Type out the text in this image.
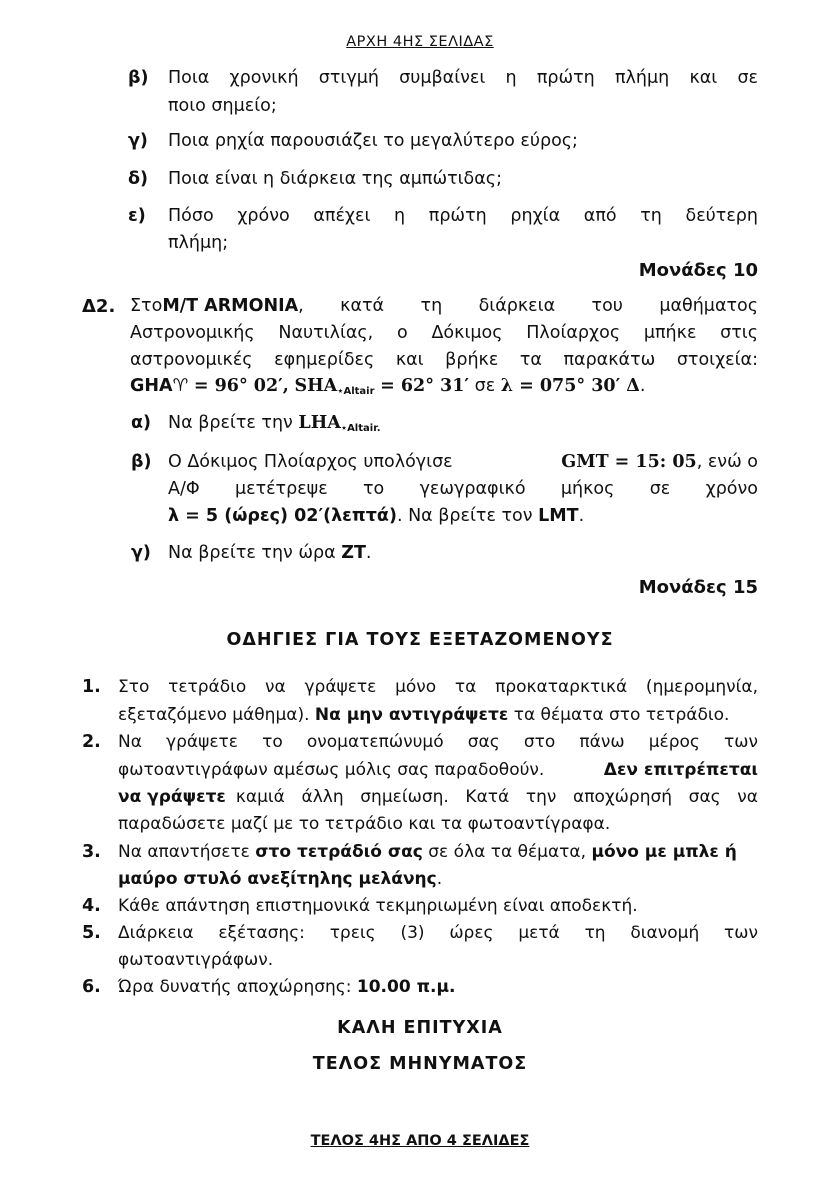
ΑΡΧΗ 4ΗΣ ΣΕΛΙΔΑΣ
β) Ποια χρονική στιγμή συμβαίνει η πρώτη πλήμη και σε
ποιο σημείο;
γ) Ποια ρηχία παρουσιάζει το μεγαλύτερο εύρος;
δ) Ποια είναι η διάρκεια της αμπώτιδας;
ε) Πόσο χρόνο απέχει η πρώτη ρηχία από τη δεύτερη
πλήμη;
Μονάδες 10
Δ2. Στο M/T ARMONIA , κατά τη διάρκεια του μαθήματος
Αστρονομικής Ναυτιλίας, ο Δόκιμος Πλοίαρχος μπήκε στις
αστρονομικές εφημερίδες και βρήκε τα παρακάτω στοιχεία:
GHA♈ = 96° 02′, $SHA_{⋆Altair} = 62^\circ$ 31′ σε λ = 075° 30′ Δ.
α) Να βρείτε την $LHA_{⋆Altair.}$
β) Ο Δόκιμος Πλοίαρχος υπολόγισε	GMT = 15: 05, ενώ ο
Α/Φ μετέτρεψε το γεωγραφικό μήκος σε χρόνο
λ = 5 (ώρες) 02′(λεπτά). Να βρείτε τον LMT.
γ) Να βρείτε την ώρα ZT.
Μονάδες 15
ΟΔΗΓΙΕΣ ΓΙΑ ΤΟΥΣ ΕΞΕΤΑΖΟΜΕΝΟΥΣ
1. Στο τετράδιο να γράψετε μόνο τα προκαταρκτικά (ημερομηνία,
εξεταζόμενο μάθημα). Να μην αντιγράψετε τα θέματα στο τετράδιο.
2. Να γράψετε το ονοματεπώνυμό σας στο πάνω μέρος των
φωτοαντιγράφων αμέσως μόλις σας παραδοθούν.	Δεν επιτρέπεται
να γράψετε καμιά άλλη σημείωση. Κατά την αποχώρησή σας να
παραδώσετε μαζί με το τετράδιο και τα φωτοαντίγραφα.
3. Να απαντήσετε στο τετράδιό σας σε όλα τα θέματα, μόνο με μπλε ή
μαύρο στυλό ανεξίτηλης μελάνης.
4. Κάθε απάντηση επιστημονικά τεκμηριωμένη είναι αποδεκτή.
5. Διάρκεια εξέτασης: τρεις (3) ώρες μετά τη διανομή των
φωτοαντιγράφων.
6. Ώρα δυνατής αποχώρησης: 10.00 π.μ.
ΚΑΛΗ ΕΠΙΤΥΧΙΑ
ΤΕΛΟΣ ΜΗΝΥΜΑΤΟΣ
ΤΕΛΟΣ 4ΗΣ ΑΠΟ 4 ΣΕΛΙΔΕΣ
